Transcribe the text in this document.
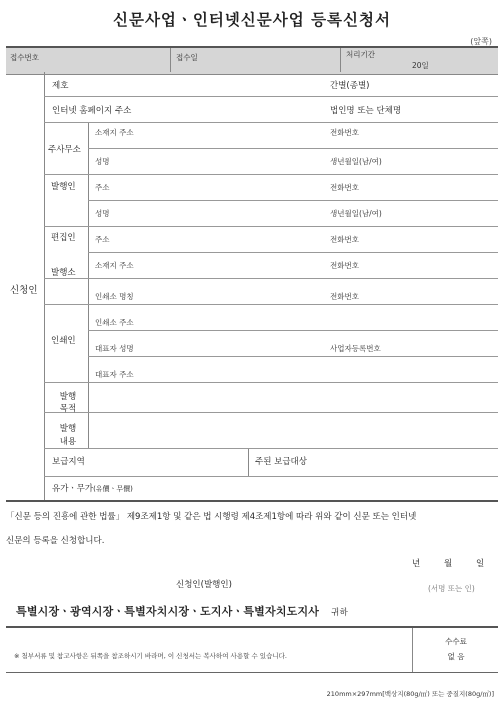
신문사업ㆍ인터넷신문사업 등록신청서
(앞쪽)
접수번호	접수일	처리기간
20일
신청인
제호	간별(종별)
인터넷 홈페이지 주소	법인명 또는 단체명
주사무소
소재지 주소	전화번호
발행인
성명	생년월일(남/여)
주소	전화번호
편집인
성명	생년월일(남/여)
주소	전화번호
발행소
소재지 주소	전화번호
인쇄인
인쇄소 명칭	전화번호
인쇄소 주소
대표자 성명	사업자등록번호
대표자 주소
발행
목적
발행
내용
보급지역	주된 보급대상
유가ㆍ무가(유價ㆍ무價)
「신문 등의 진흥에 관한 법률」 제9조제1항 및 같은 법 시행령 제4조제1항에 따라 위와 같이 신문 또는 인터넷
신문의 등록을 신청합니다.
년	월	일
신청인(발행인)	(서명 또는 인)
특별시장ㆍ광역시장ㆍ특별자치시장ㆍ도지사ㆍ특별자치도지사 귀하
※ 첨부서류 및 참고사항은 뒤쪽을 참조하시기 바라며, 이 신청서는 복사하여 사용할 수 있습니다.
수수료
없 음
210mm×297mm[백상지(80g/㎡) 또는 중질지(80g/㎡)]
